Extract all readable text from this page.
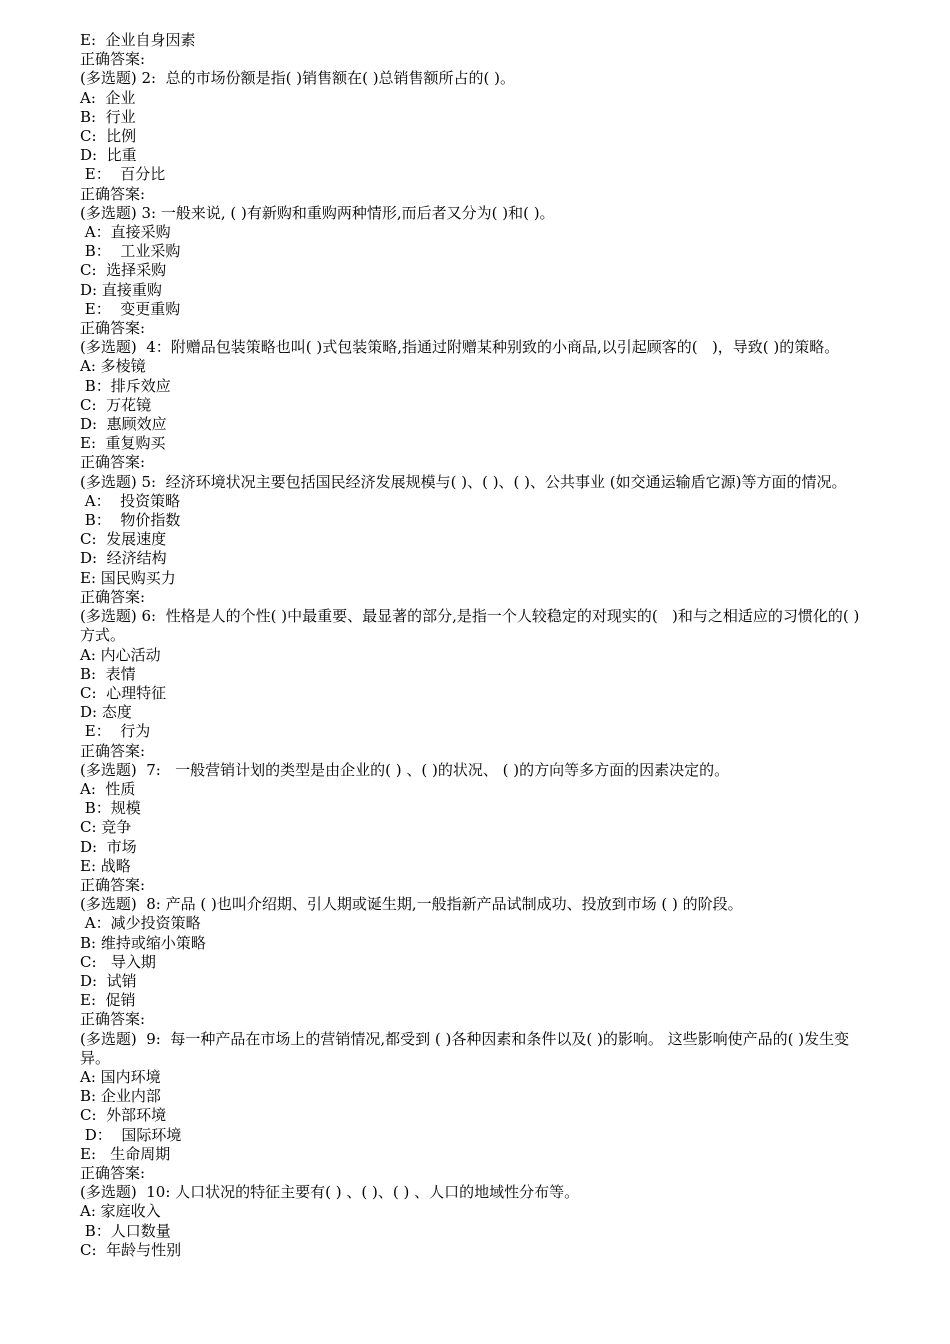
E:  企业自身因素
正确答案:
(多选题) 2:  总的市场份额是指( )销售额在( )总销售额所占的( )。
A:  企业
B:  行业
C:  比例
D:  比重
E：  百分比
正确答案:
(多选题) 3: 一般来说, ( )有新购和重购两种情形,而后者又分为( )和( )。
A：直接采购
B：  工业采购
C:  选择采购
D: 直接重购
E：  变更重购
正确答案:
(多选题)  4：附赠品包装策略也叫( )式包装策略,指通过附赠某种别致的小商品,以引起顾客的(   )，导致( )的策略。
A: 多棱镜
B：排斥效应
C:  万花镜
D:  惠顾效应
E:  重复购买
正确答案:
(多选题) 5:  经济环境状况主要包括国民经济发展规模与( )、( )、( )、公共事业 (如交通运输盾它源)等方面的情况。
A：  投资策略
B：  物价指数
C:  发展速度
D:  经济结构
E: 国民购买力
正确答案:
(多选题) 6:  性格是人的个性( )中最重要、最显著的部分,是指一个人较稳定的对现实的(   )和与之相适应的习惯化的( )方式。
A: 内心活动
B:  表情
C:  心理特征
D: 态度
E：  行为
正确答案:
(多选题)  7:   一般营销计划的类型是由企业的( ) 、( )的状况、 ( )的方向等多方面的因素决定的。
A:  性质
B：规模
C: 竞争
D:  市场
E: 战略
正确答案:
(多选题)  8: 产品 ( )也叫介绍期、引人期或诞生期,一般指新产品试制成功、投放到市场 ( ) 的阶段。
A：减少投资策略
B: 维持或缩小策略
C:   导入期
D:  试销
E:  促销
正确答案:
(多选题)  9:  每一种产品在市场上的营销情况,都受到 ( )各种因素和条件以及( )的影响。 这些影响使产品的( )发生变异。
A: 国内环境
B: 企业内部
C:  外部环境
D：  国际环境
E:   生命周期
正确答案:
(多选题)  10: 人口状况的特征主要有( ) 、( )、( ) 、人口的地域性分布等。
A: 家庭收入
B：人口数量
C:  年龄与性别
